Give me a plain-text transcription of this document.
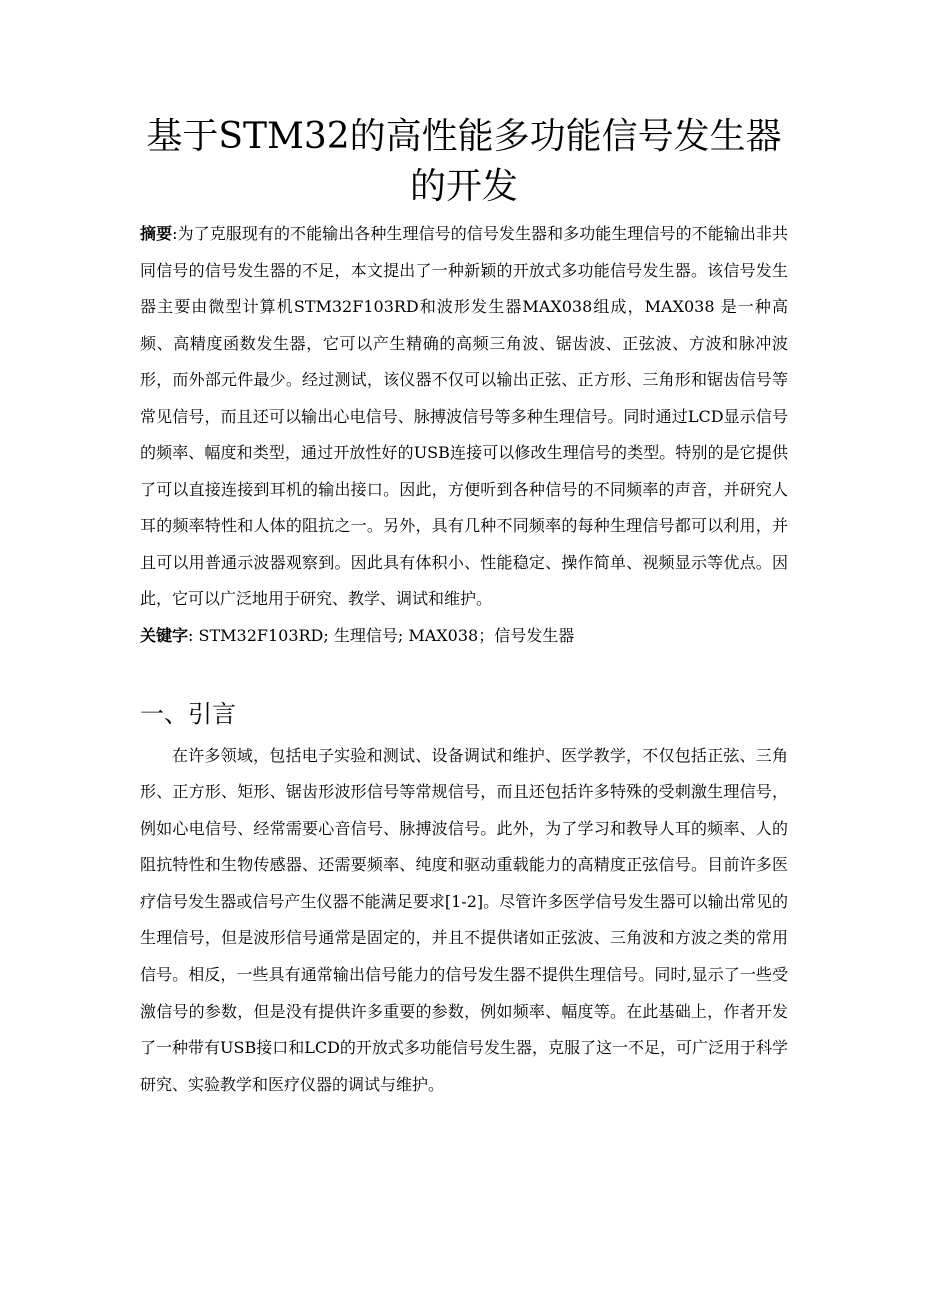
基于STM32的高性能多功能信号发生器
的开发
摘要:为了克服现有的不能输出各种生理信号的信号发生器和多功能生理信号的不能输出非共同信号的信号发生器的不足，本文提出了一种新颖的开放式多功能信号发生器。该信号发生器主要由微型计算机STM32F103RD和波形发生器MAX038组成，MAX038 是一种高频、高精度函数发生器，它可以产生精确的高频三角波、锯齿波、正弦波、方波和脉冲波形，而外部元件最少。经过测试，该仪器不仅可以输出正弦、正方形、三角形和锯齿信号等常见信号，而且还可以输出心电信号、脉搏波信号等多种生理信号。同时通过LCD显示信号的频率、幅度和类型，通过开放性好的USB连接可以修改生理信号的类型。特别的是它提供了可以直接连接到耳机的输出接口。因此，方便听到各种信号的不同频率的声音，并研究人耳的频率特性和人体的阻抗之一。另外，具有几种不同频率的每种生理信号都可以利用，并且可以用普通示波器观察到。因此具有体积小、性能稳定、操作简单、视频显示等优点。因此，它可以广泛地用于研究、教学、调试和维护。
关键字: STM32F103RD; 生理信号; MAX038；信号发生器
一、引言
在许多领域，包括电子实验和测试、设备调试和维护、医学教学，不仅包括正弦、三角形、正方形、矩形、锯齿形波形信号等常规信号，而且还包括许多特殊的受刺激生理信号，例如心电信号、经常需要心音信号、脉搏波信号。此外，为了学习和教导人耳的频率、人的阻抗特性和生物传感器、还需要频率、纯度和驱动重载能力的高精度正弦信号。目前许多医疗信号发生器或信号产生仪器不能满足要求[1-2]。尽管许多医学信号发生器可以输出常见的生理信号，但是波形信号通常是固定的，并且不提供诸如正弦波、三角波和方波之类的常用信号。相反，一些具有通常输出信号能力的信号发生器不提供生理信号。同时,显示了一些受激信号的参数，但是没有提供许多重要的参数，例如频率、幅度等。在此基础上，作者开发了一种带有USB接口和LCD的开放式多功能信号发生器，克服了这一不足，可广泛用于科学研究、实验教学和医疗仪器的调试与维护。
